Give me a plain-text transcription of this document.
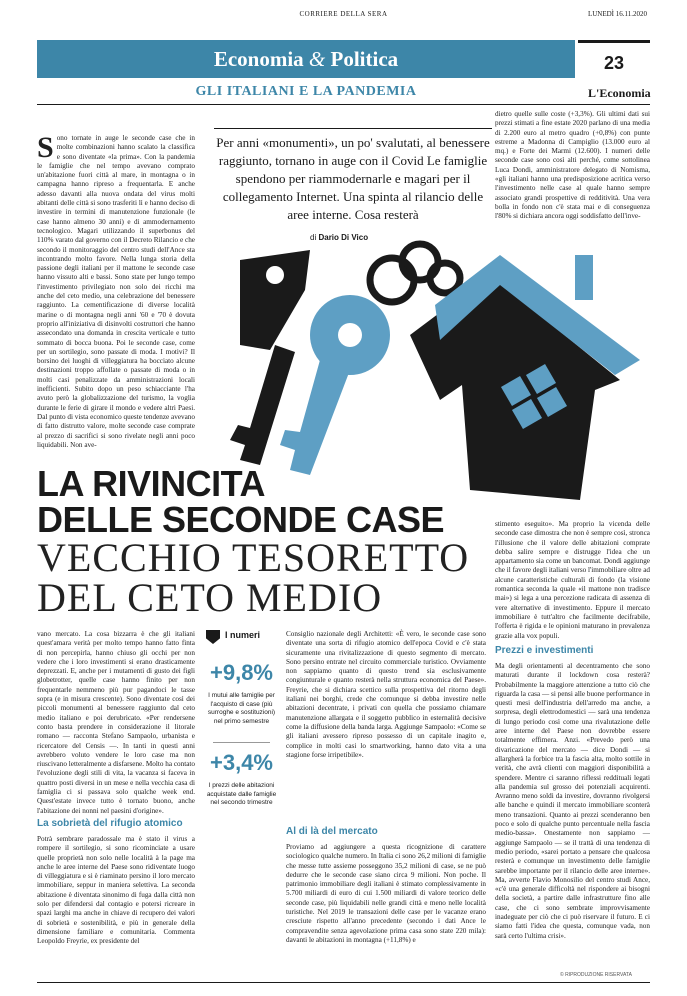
CORRIERE DELLA SERA	LUNEDÌ 16.11.2020
Economia & Politica	23
GLI ITALIANI E LA PANDEMIA	L'Economia
Sono tornate in auge le seconde case che in molte combinazioni hanno scalato la classifica e sono diventate «la prima». Con la pandemia le famiglie che nel tempo avevano comprato un'abitazione fuori città al mare, in montagna o in campagna hanno ripreso a frequentarla. E anche adesso davanti alla nuova ondata del virus molti abitanti delle città si sono trasferiti lì e hanno deciso di investire in termini di manutenzione funzionale (le case hanno almeno 30 anni) e di ammodernamento tecnologico. Magari utilizzando il superbonus del 110% varato dal governo con il Decreto Rilancio e che secondo il monitoraggio del centro studi dell'Ance sta incontrando molto favore. Nella lunga storia della passione degli italiani per il mattone le seconde case hanno vissuto alti e bassi. Sono state per lungo tempo l'investimento privilegiato non solo dei ricchi ma anche del ceto medio, una celebrazione del benessere raggiunto. La cementificazione di diverse località marine o di montagna negli anni '60 e '70 è dovuta proprio all'iniziativa di disinvolti costruttori che hanno assecondato una domanda in crescita verticale e tutto sommato di bocca buona. Poi le seconde case, come per un sortilegio, sono passate di moda. I motivi? Il borsino dei luoghi di villeggiatura ha bocciato alcune destinazioni troppo affollate o passate di moda o in molti casi penalizzate da amministrazioni locali inefficienti. Subito dopo un peso schiacciante l'ha avuto però la globalizzazione del turismo, la voglia durante le ferie di girare il mondo e vedere altri Paesi. Dal punto di vista economico queste tendenze avevano di fatto distrutto valore, molte seconde case comprate al prezzo di sacrifici si sono rivelate negli anni poco liquidabili. Non ave-
Per anni «monumenti», un po' svalutati, al benessere raggiunto, tornano in auge con il Covid Le famiglie spendono per riammodernarle e magari per il collegamento Internet. Una spinta al rilancio delle aree interne. Cosa resterà
di Dario Di Vico
dietro quelle sulle coste (+3,3%). Gli ultimi dati sui prezzi stimati a fine estate 2020 parlano di una media di 2.200 euro al metro quadro (+0,8%) con punte estreme a Madonna di Campiglio (13.000 euro al mq.) e Forte dei Marmi (12.600). I numeri delle seconde case sono così alti perché, come sottolinea Luca Dondi, amministratore delegato di Nomisma, «gli italiani hanno una predisposizione acritica verso l'investimento nelle case al quale hanno sempre associato grandi prospettive di redditività. Una vera bolla in fondo non c'è stata mai e di conseguenza l'80% si dichiara ancora oggi soddisfatto dell'inve-
LA RIVINCITA
DELLE SECONDE CASE
VECCHIO TESORETTO
DEL CETO MEDIO
stimento eseguito». Ma proprio la vicenda delle seconde case dimostra che non è sempre così, stronca l'illusione che il valore delle abitazioni comprate debba salire sempre e distrugge l'idea che un appartamento sia come un bancomat. Dondi aggiunge che il favore degli italiani verso l'immobiliare oltre ad alcune caratteristiche culturali di fondo (la visione romantica seconda la quale «il mattone non tradisce mai») si lega a una percezione radicata di assenza di vere alternative di investimento. Eppure il mercato immobiliare è tutt'altro che facilmente decifrabile, l'offerta è rigida e le opinioni maturano in prevalenza grazie alla vox populi.
Prezzi e investimenti
Ma degli orientamenti al decentramento che sono maturati durante il lockdown cosa resterà? Probabilmente la maggiore attenzione a tutto ciò che riguarda la casa — si pensi alle buone performance in questi mesi dell'industria dell'arredo ma anche, a sorpresa, degli elettrodomestici — sarà una tendenza di lungo periodo così come una rivalutazione delle aree interne del Paese non dovrebbe essere totalmente effimera. Anzi. «Prevedo però una divaricazione del mercato — dice Dondi — si allargherà la forbice tra la fascia alta, molto sottile in verità, che avrà clienti con maggiori disponibilità a spendere. Mentre ci saranno riflessi reddituali legati alla pandemia sul grosso dei potenziali acquirenti. Avranno meno soldi da investire, dovranno rivolgersi alle banche e quindi il mercato immobiliare sconterà meno transazioni. Quanto ai prezzi scenderanno ben poco e solo di qualche punto percentuale nella fascia medio-bassa». Onestamente non sappiamo — aggiunge Sampaolo — se il trattà di una tendenza di medio periodo, «sarei portato a pensare che qualcosa resterà e comunque un investimento delle famiglie sarebbe importante per il rilancio delle aree interne». Ma, avverte Flavio Monosilio del centro studi Ance, «c'è una generale difficoltà nel rispondere ai bisogni della società, a partire dalle infrastrutture fino alle case, che ci sono sembrate improvvisamente inadeguate per ciò che ci può riservare il futuro. E ci siamo fatti l'idea che questa, comunque vada, non sarà certo l'ultima crisi».
© RIPRODUZIONE RISERVATA
vano mercato. La cosa bizzarra è che gli italiani quest'amara verità per molto tempo hanno fatto finta di non percepirla, hanno chiuso gli occhi per non vedere che i loro investimenti si erano drasticamente deprezzati. E, anche per i mutamenti di gusto dei figli globetrotter, quelle case hanno finito per non frequentarle nemmeno più pur pagandoci le tasse sopra (e in misura crescente). Sono diventate così dei piccoli monumenti al benessere raggiunto dal ceto medio italiano e poi derubricato. «Per rendersene conto basta prendere in considerazione il litorale romano — racconta Stefano Sampaolo, urbanista e ricercatore del Censis —. In tanti in questi anni avrebbero voluto vendere le loro case ma non riuscivano letteralmente a disfarsene. Molto ha contato l'evoluzione degli stili di vita, la vacanza si faceva in quattro posti diversi in un mese e nella vecchia casa di famiglia ci si passava solo qualche week end. Quest'estate invece tutto è tornato buono, anche l'abitazione dei nonni nel paesini d'origine».
La sobrietà del rifugio atomico
Potrà sembrare paradossale ma è stato il virus a rompere il sortilegio, si sono ricominciate a usare quelle proprietà non solo nelle località à la page ma anche le aree interne del Paese sono ridiventate luogo di villeggiatura e si è riaminato persino il loro mercato immobiliare, seppur in maniera selettiva. La seconda abitazione è diventata sinonimo di fuga dalla città non solo per difendersi dal contagio e potersi ricreare in spazi larghi ma anche in chiave di recupero dei valori di sobrietà e sostenibilità, e più in generale della dimensione familiare e comunitaria. Commenta Leopoldo Freyrie, ex presidente del
I numeri
+9,8%
I mutui alle famiglie per l'acquisto di case (più surroghe e sostituzioni) nel primo semestre
+3,4%
I prezzi delle abitazioni acquistate dalle famiglie nel secondo trimestre
Consiglio nazionale degli Architetti: «È vero, le seconde case sono diventate una sorta di rifugio atomico dell'epoca Covid e c'è stata sicuramente una rivitalizzazione di questo segmento di mercato. Sono persino entrate nel circuito commerciale turistico. Ovviamente non sappiamo quanto di questo trend sia esclusivamente congiunturale e quanto resterà nella struttura economica del Paese». Freyrie, che si dichiara scettico sulla prospettiva del ritorno degli italiani nei borghi, crede che comunque si debba investire nelle abitazioni decentrate, i privati con quella che possiamo chiamare manutenzione allargata e il soggetto pubblico in esternalità decisive come la diffusione della banda larga. Aggiunge Sampaolo: «Come se gli italiani avessero ripreso possesso di un capitale inagito e, complice in molti casi lo smartworking, hanno dato vita a una stagione forse irripetibile».
Al di là del mercato
Proviamo ad aggiungere a questa ricognizione di carattere sociologico qualche numero. In Italia ci sono 26,2 milioni di famiglie che messe tutte assieme posseggono 35,2 milioni di case, se ne può dedurre che le seconde case siano circa 9 milioni. Non poche. Il patrimonio immobiliare degli italiani è stimato complessivamente in 5.700 miliardi di euro di cui 1.500 miliardi di valore teorico delle seconde case, più liquidabili nelle grandi città e meno nelle località turistiche. Nel 2019 le transazioni delle case per le vacanze erano cresciute rispetto all'anno precedente (secondo i dati Ance le compravendite senza agevolazione prima casa sono state 220 mila): davanti le abitazioni in montagna (+11,8%) e
